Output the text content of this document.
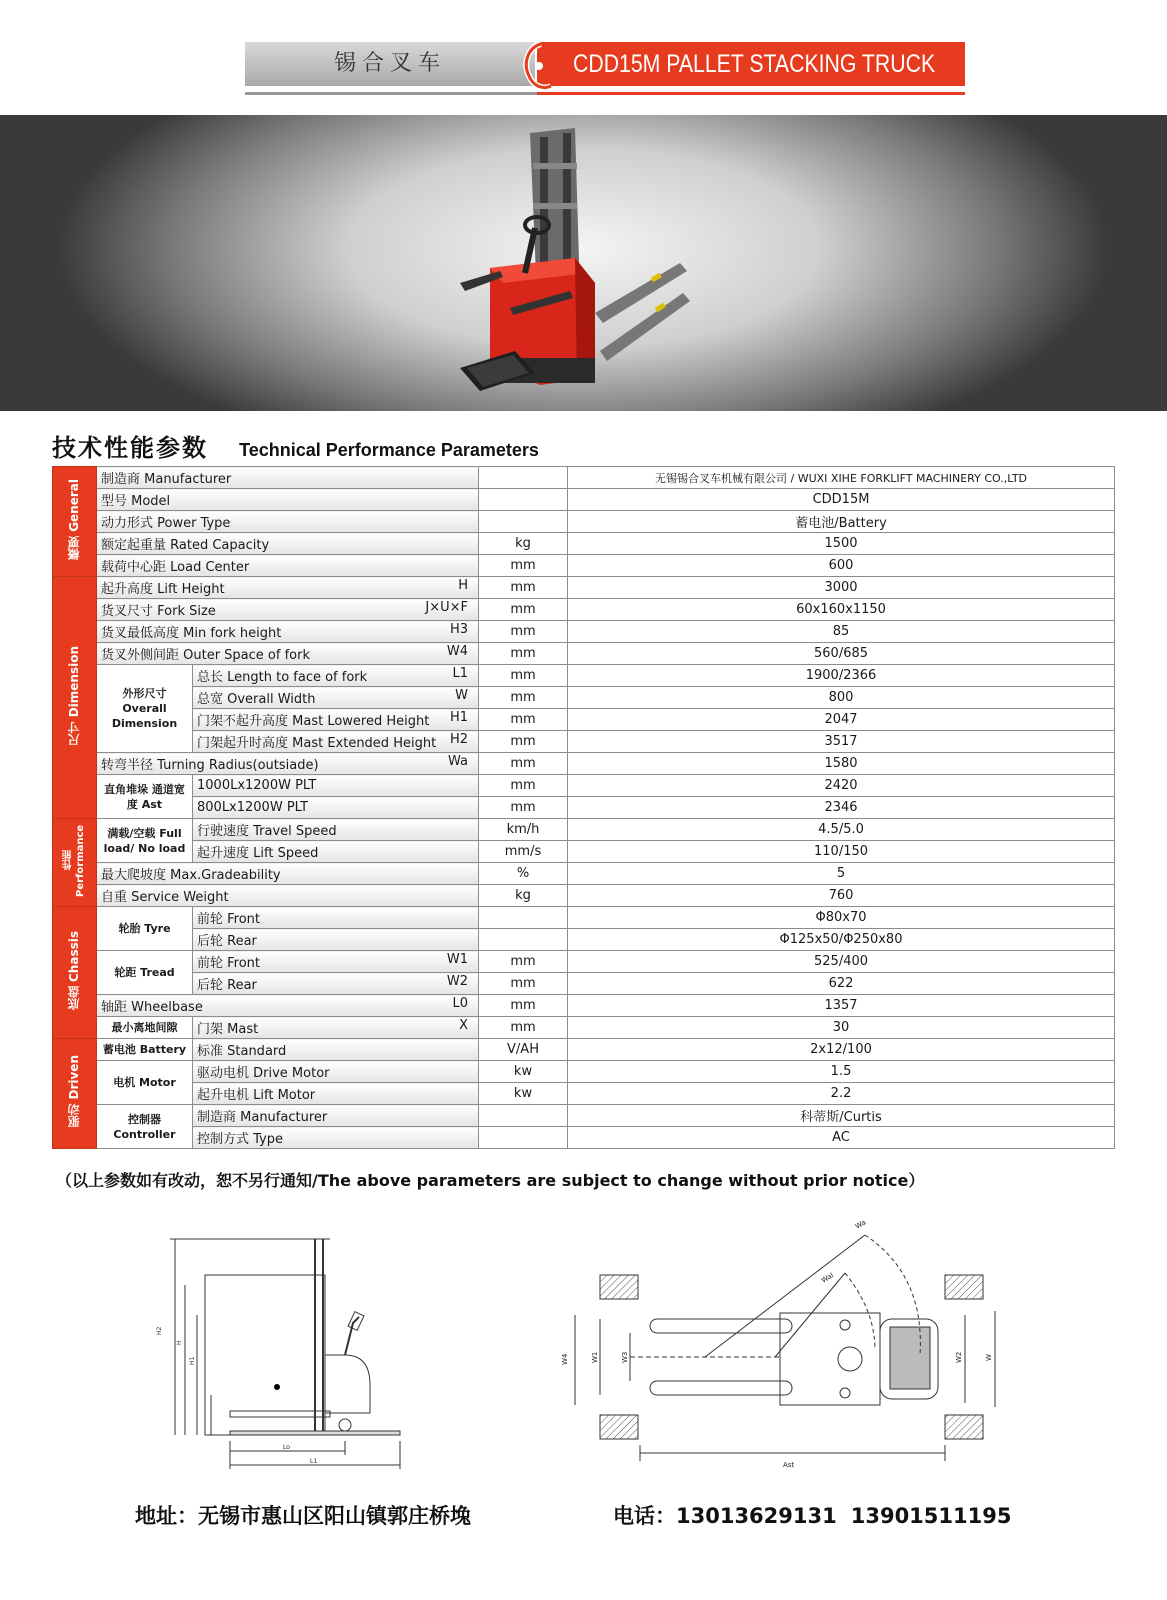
锡合叉车	CDD15M PALLET STACKING TRUCK
技术性能参数 Technical Performance Parameters
概要 General	制造商 Manufacturer			无锡锡合叉车机械有限公司 / WUXI XIHE FORKLIFT MACHINERY CO.,LTD

	型号 Model			CDD15M

	动力形式 Power Type			蓄电池/Battery

	额定起重量 Rated Capacity		kg	1500

	载荷中心距 Load Center		mm	600
尺寸 Dimension	起升高度 Lift Height H		mm	3000

	货叉尺寸 Fork Size J×U×F		mm	60x160x1150

	货叉最低高度 Min fork height H3		mm	85

	货叉外侧间距 Outer Space of fork W4		mm	560/685
	外形尺寸 Overall Dimension	总长 Length to face of fork L1	mm	1900/2366

		总宽 Overall Width W	mm	800

		门架不起升高度 Mast Lowered Height H1	mm	2047

		门架起升时高度 Mast Extended Height H2	mm	3517

	转弯半径 Turning Radius(outsiade) Wa		mm	1580
	直角堆垛 通道宽度 Ast	1000Lx1200W PLT	mm	2420

		800Lx1200W PLT	mm	2346
性能 Performance	满载/空载 Full load/ No load	行驶速度 Travel Speed	km/h	4.5/5.0

		起升速度 Lift Speed	mm/s	110/150

	最大爬坡度 Max.Gradeability		%	5

	自重 Service Weight		kg	760
底盘 Chassis	轮胎 Tyre	前轮 Front		Φ80x70

		后轮 Rear		Φ125x50/Φ250x80
	轮距 Tread	前轮 Front W1	mm	525/400

		后轮 Rear W2	mm	622

	轴距 Wheelbase L0		mm	1357
	最小离地间隙	门架 Mast X	mm	30
驱动 Driven	蓄电池 Battery	标准 Standard	V/AH	2x12/100
	电机 Motor	驱动电机 Drive Motor	kw	1.5

		起升电机 Lift Motor	kw	2.2
	控制器 Controller	制造商 Manufacturer		科蒂斯/Curtis

		控制方式 Type		AC
（以上参数如有改动，恕不另行通知/The above parameters are subject to change without prior notice）
H2
H
H1
Lo
L1
Wa
Wal
W4	W1	W3	W2	W
Ast
地址：无锡市惠山区阳山镇郭庄桥堍	电话：13013629131 13901511195
